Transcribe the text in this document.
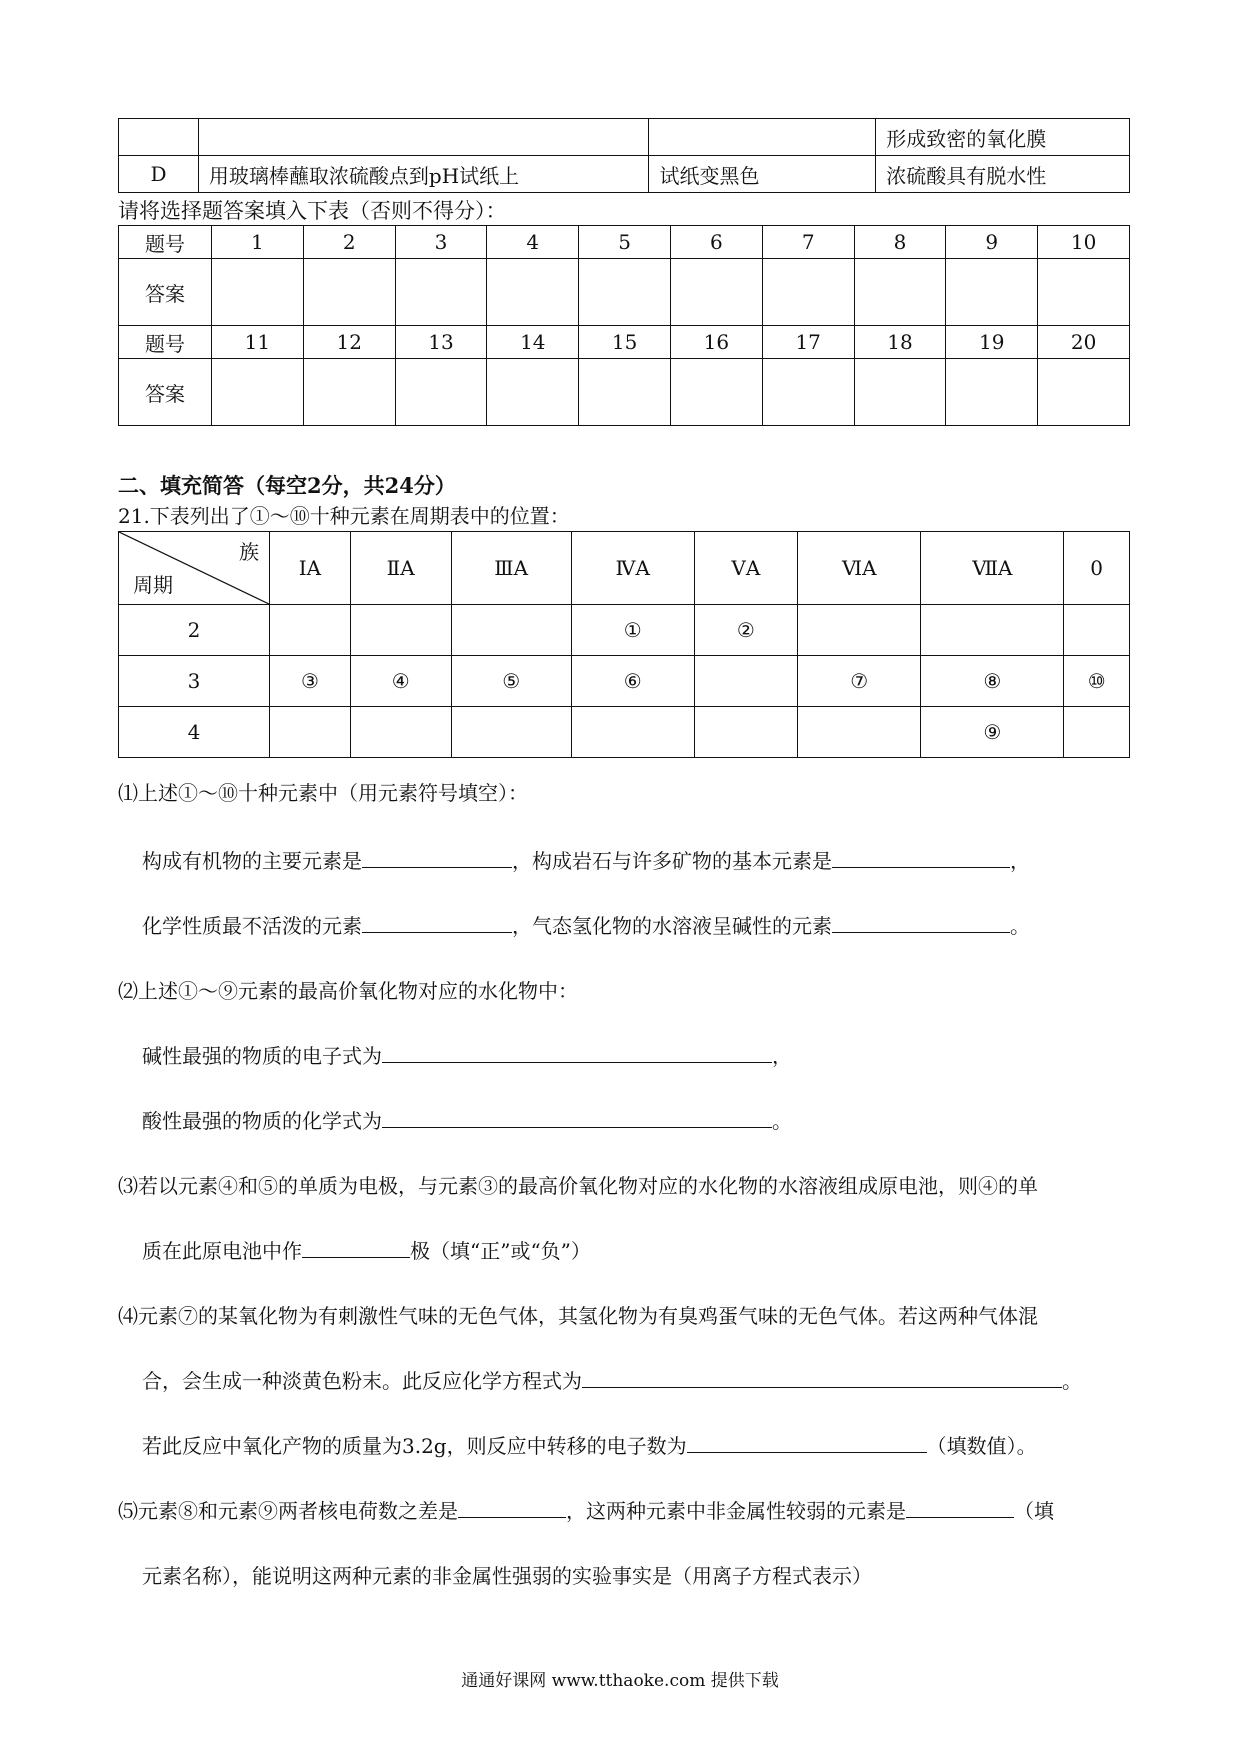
			形成致密的氧化膜
D	用玻璃棒蘸取浓硫酸点到pH试纸上	试纸变黑色	浓硫酸具有脱水性
请将选择题答案填入下表（否则不得分）：
题号	1	2	3	4	5	6	7	8	9	10
答案										
题号	11	12	13	14	15	16	17	18	19	20
答案										
二、填充简答（每空2分，共24分）
21.下表列出了①～⑩十种元素在周期表中的位置：
族
周期	ⅠA	ⅡA	ⅢA	ⅣA	ⅤA	ⅥA	ⅦA	0
2				①	②			
3	③	④	⑤	⑥		⑦	⑧	⑩
4							⑨	
⑴上述①～⑩十种元素中（用元素符号填空）：
构成有机物的主要元素是	，构成岩石与许多矿物的基本元素是	，
化学性质最不活泼的元素	，气态氢化物的水溶液呈碱性的元素	。
⑵上述①～⑨元素的最高价氧化物对应的水化物中：
碱性最强的物质的电子式为	，
酸性最强的物质的化学式为	。
⑶若以元素④和⑤的单质为电极，与元素③的最高价氧化物对应的水化物的水溶液组成原电池，则④的单
质在此原电池中作	极（填“正”或“负”）
⑷元素⑦的某氧化物为有刺激性气味的无色气体，其氢化物为有臭鸡蛋气味的无色气体。若这两种气体混
合，会生成一种淡黄色粉末。此反应化学方程式为	。
若此反应中氧化产物的质量为3.2g，则反应中转移的电子数为	（填数值）。
⑸元素⑧和元素⑨两者核电荷数之差是	，这两种元素中非金属性较弱的元素是	（填
元素名称），能说明这两种元素的非金属性强弱的实验事实是（用离子方程式表示）
通通好课网 www.tthaoke.com 提供下载
